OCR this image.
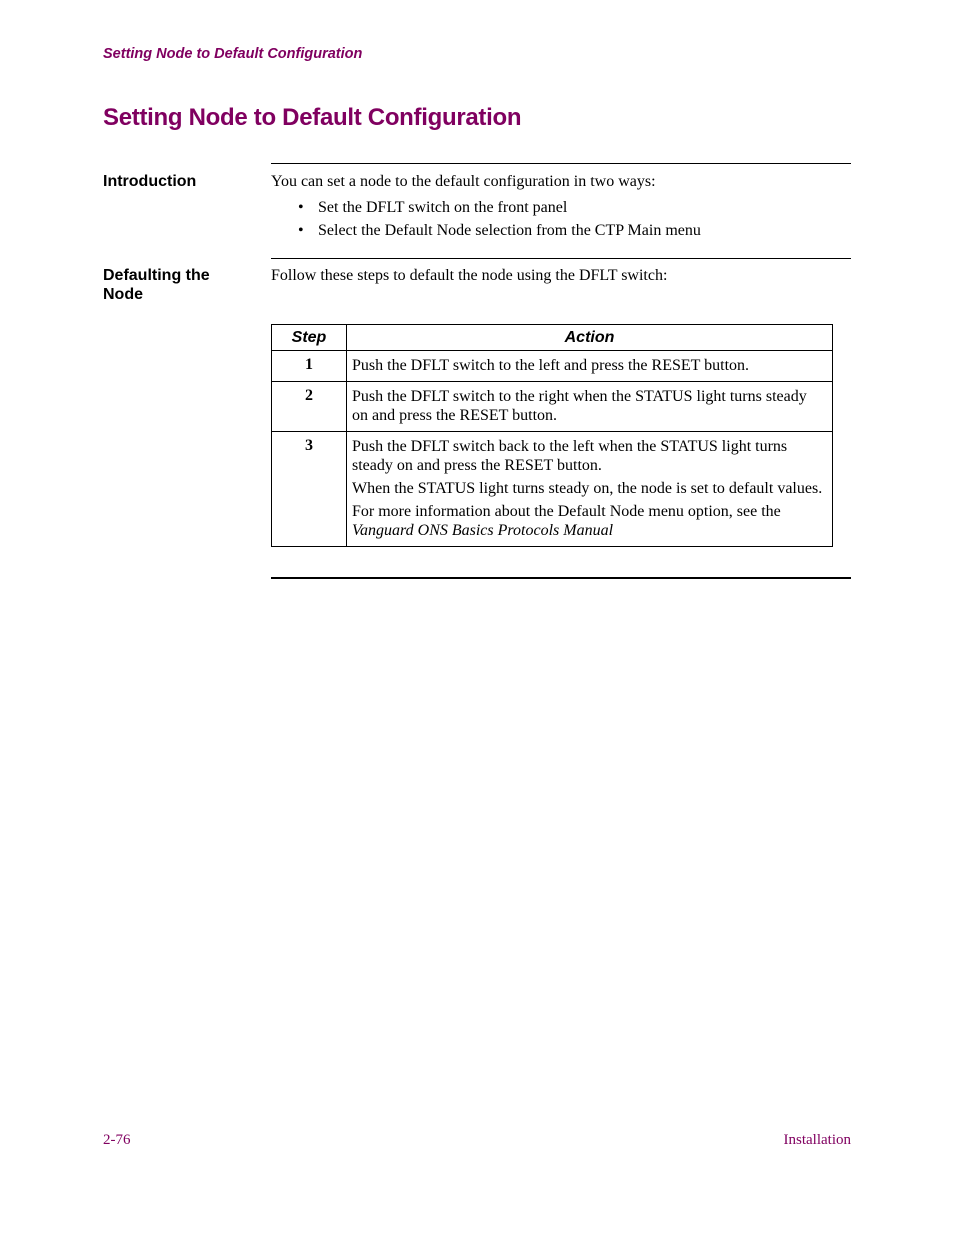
Setting Node to Default Configuration
Setting Node to Default Configuration
Introduction	You can set a node to the default configuration in two ways:
• Set the DFLT switch on the front panel
• Select the Default Node selection from the CTP Main menu
Defaulting the Node
Follow these steps to default the node using the DFLT switch:
Step	Action
1	Push the DFLT switch to the left and press the RESET button.

2	Push the DFLT switch to the right when the STATUS light turns steady on and press the RESET button.

3	Push the DFLT switch back to the left when the STATUS light turns steady on and press the RESET button.

When the STATUS light turns steady on, the node is set to default values.

For more information about the Default Node menu option, see the
Vanguard ONS Basics Protocols Manual

2-76	Installation
